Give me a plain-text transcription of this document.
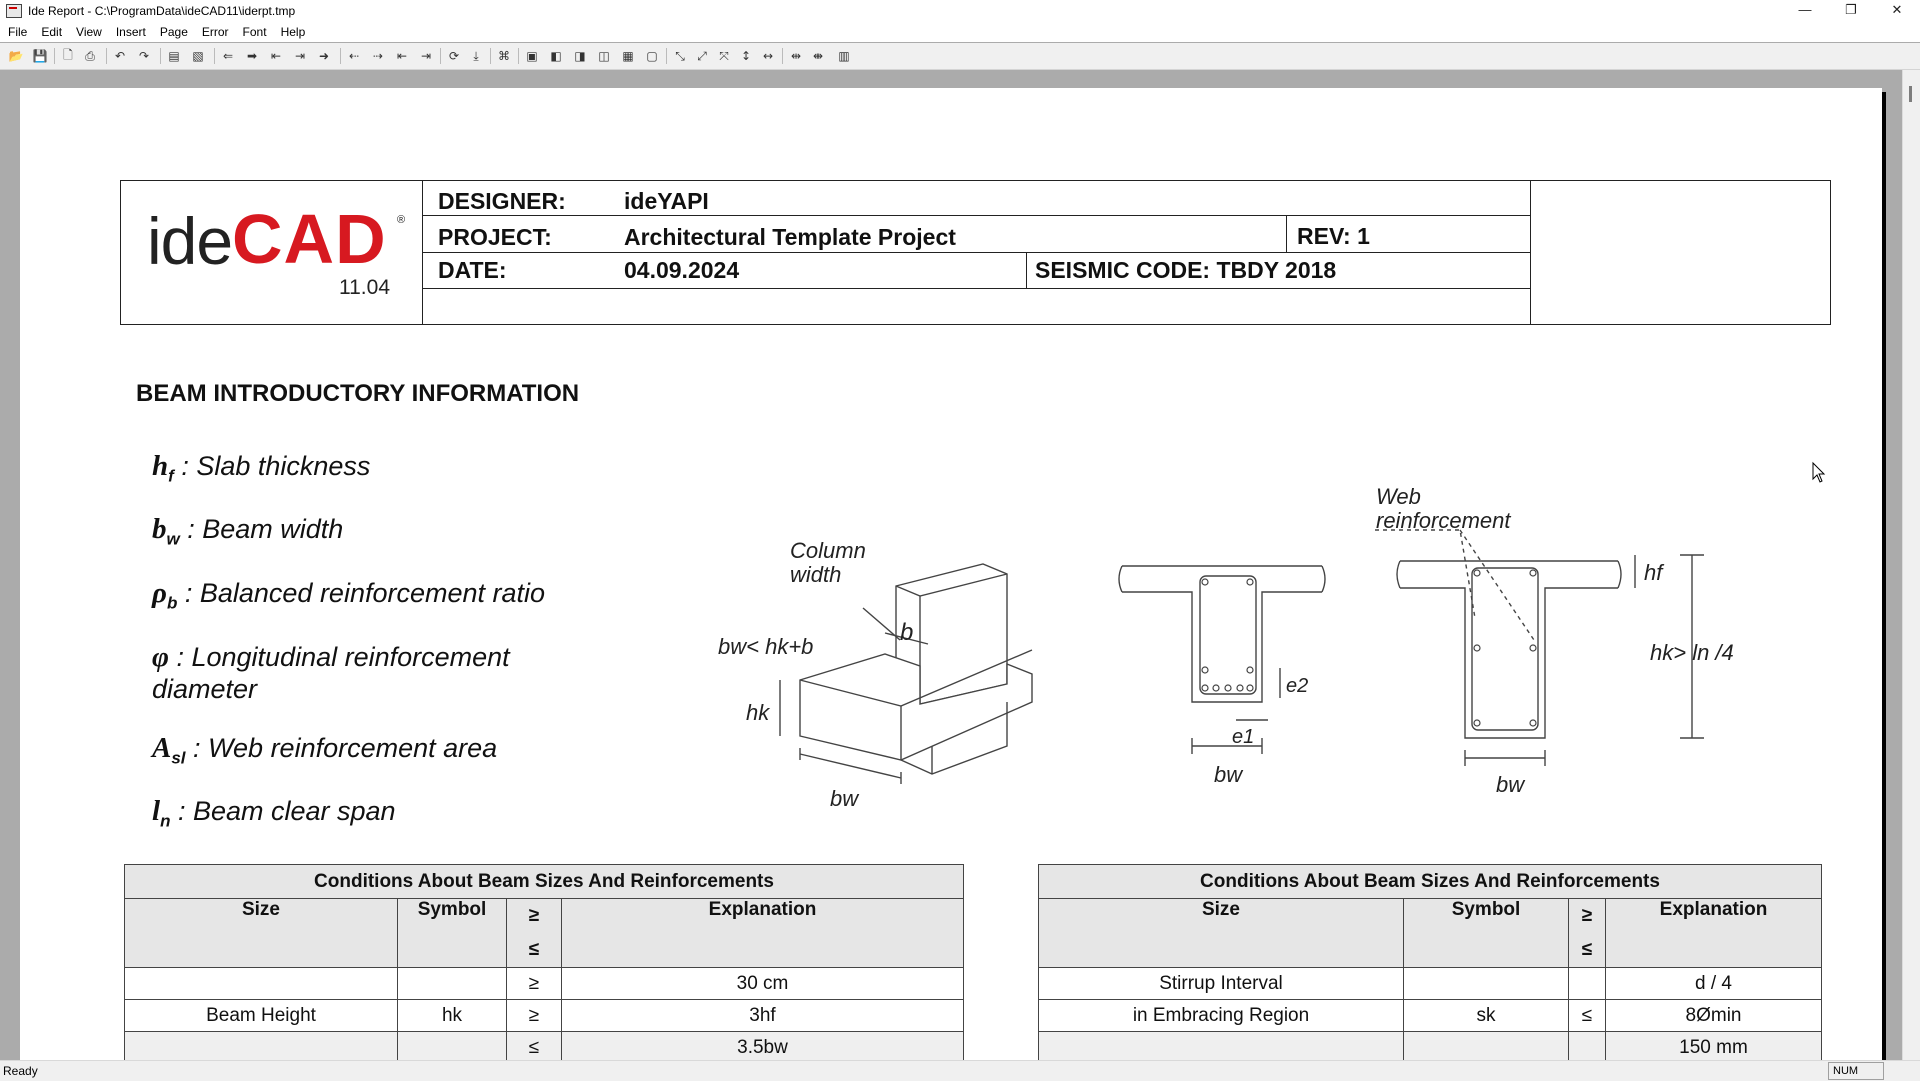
Ide Report - C:\ProgramData\ideCAD11\iderpt.tmp	—	❐	✕
File	Edit	View	Insert	Page	Error	Font	Help
📂 💾 🗋 ⎙ ↶ ↷ ▤ ▧ ⇐ ➡ ⇤ ⇥ ➜ ⇠ ⇢ ⇤ ⇥ ⟳	⤓	⌘ ▣ ◧ ◨ ◫ ▦ ▢ ⤡ ⤢ ⤧ ↕ ↔ ⇹ ⇼ ▥
ide CAD ®
11.04
DESIGNER:	ideYAPI
PROJECT:	Architectural Template Project	REV: 1
DATE:	04.09.2024	SEISMIC CODE: TBDY 2018
BEAM INTRODUCTORY INFORMATION
$h_f$ : Slab thickness
$b_w$ : Beam width
$\rho_b$ : Balanced reinforcement ratio
φ : Longitudinal reinforcement
diameter
$A_{sl}$ : Web reinforcement area
$l_n$ : Beam clear span
Column
width
b
bw< hk+b
hk
bw
e2
e1
bw
Web
reinforcement
hf
hk> ln /4
bw
Conditions About Beam Sizes And Reinforcements			
Size	Symbol	≥
≤	Explanation
		≥	30 cm
Beam Height	hk	≥	3hf
		≤	3.5bw
Conditions About Beam Sizes And Reinforcements			
Size	Symbol	≥
≤	Explanation
Stirrup Interval			d / 4
in Embracing Region	sk	≤	8Ømin
			150 mm
Ready	NUM
